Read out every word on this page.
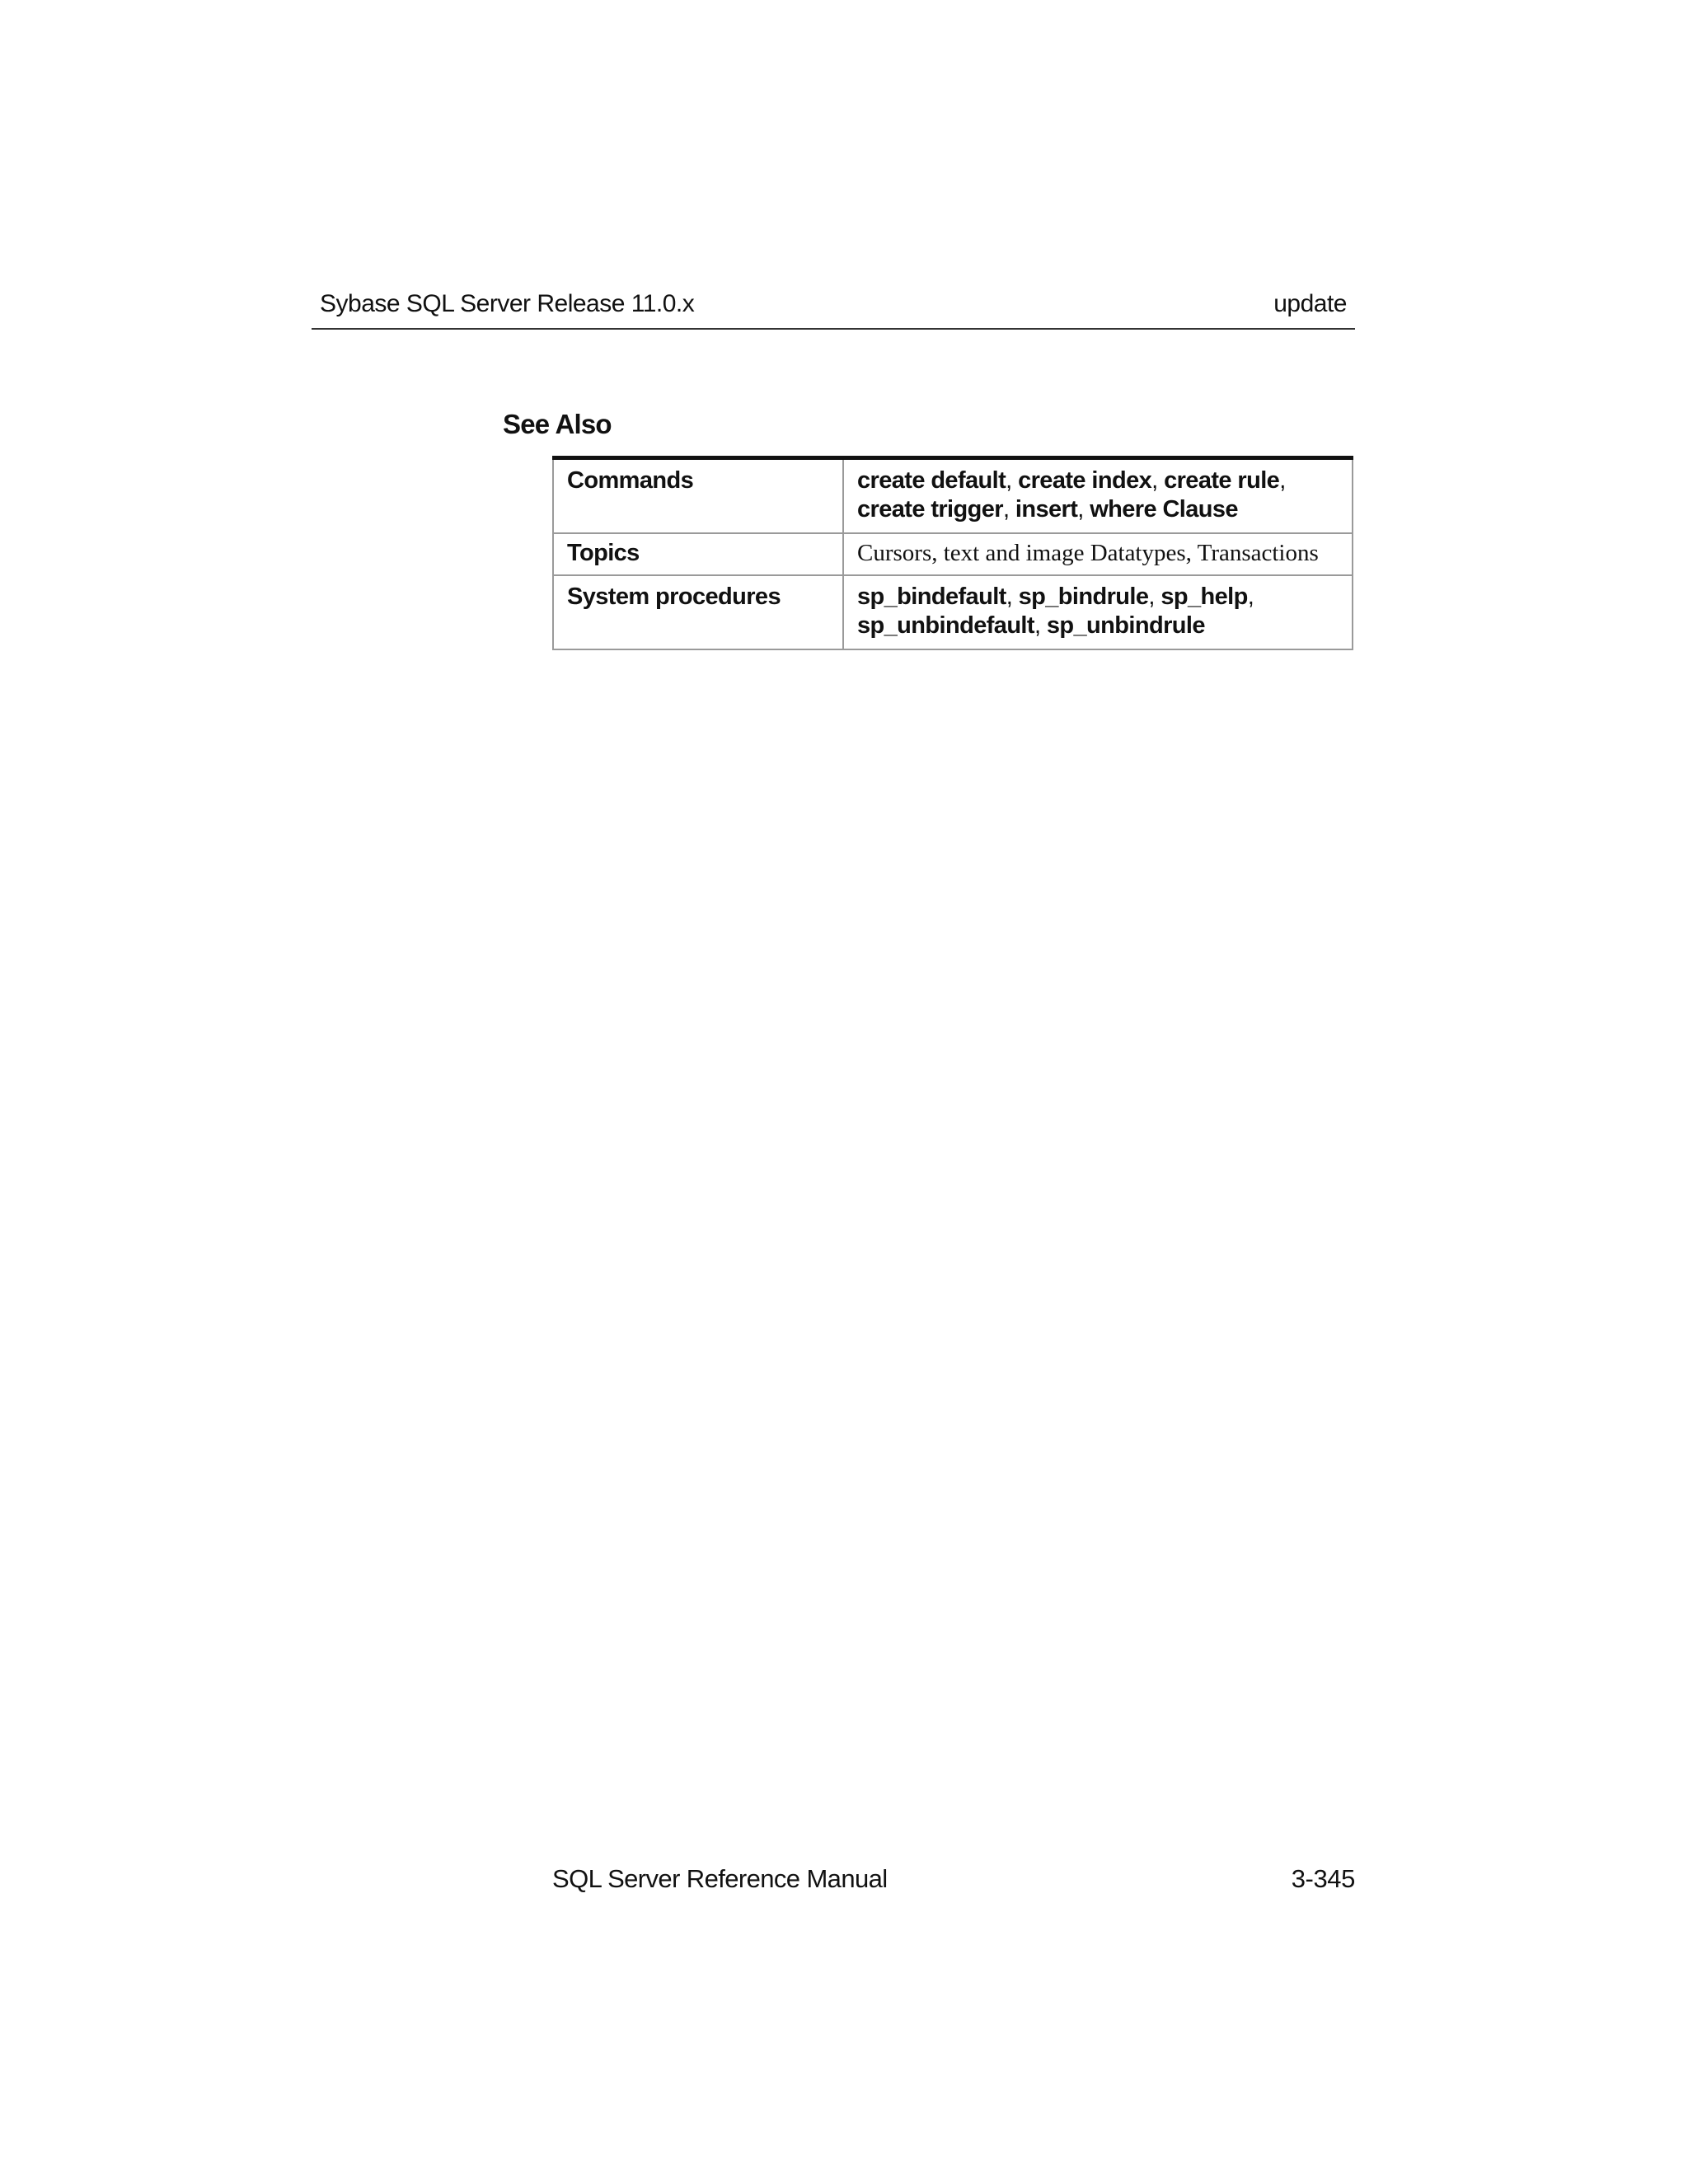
Sybase SQL Server Release 11.0.x	update
See Also
Commands	create default, create index, create rule, create trigger, insert, where Clause
Topics	Cursors, text and image Datatypes, Transactions
System procedures	sp_bindefault, sp_bindrule, sp_help, sp_unbindefault, sp_unbindrule
SQL Server Reference Manual	3-345
